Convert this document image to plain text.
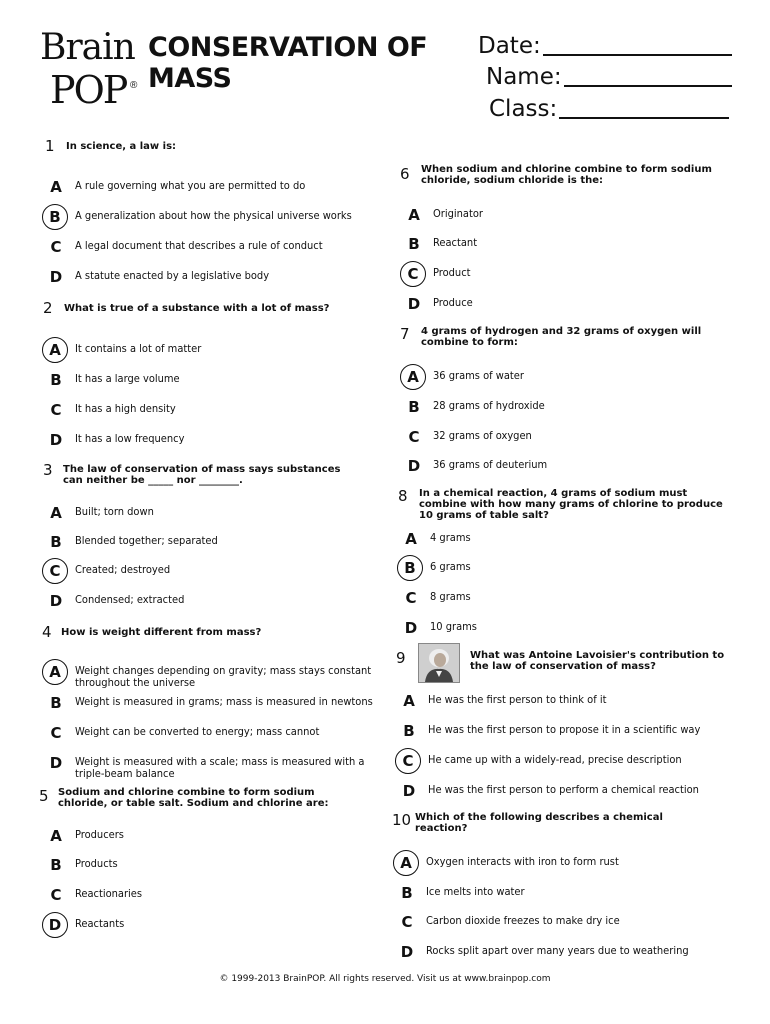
Brain
POP ®
CONSERVATION OF
MASS
Date:
Name:
Class:
1 In science, a law is:
A	A rule governing what you are permitted to do
B	A generalization about how the physical universe works
C	A legal document that describes a rule of conduct
D	A statute enacted by a legislative body
2 What is true of a substance with a lot of mass?
A	It contains a lot of matter
B	It has a large volume
C	It has a high density
D	It has a low frequency
3 The law of conservation of mass says substances can neither be _____ nor ________.
A	Built; torn down
B	Blended together; separated
C	Created; destroyed
D	Condensed; extracted
4 How is weight different from mass?
A	Weight changes depending on gravity; mass stays constant throughout the universe
B	Weight is measured in grams; mass is measured in newtons
C	Weight can be converted to energy; mass cannot
D	Weight is measured with a scale; mass is measured with a triple-beam balance
5 Sodium and chlorine combine to form sodium chloride, or table salt. Sodium and chlorine are:
A	Producers
B	Products
C	Reactionaries
D	Reactants
6 When sodium and chlorine combine to form sodium chloride, sodium chloride is the:
A	Originator
B	Reactant
C	Product
D	Produce
7 4 grams of hydrogen and 32 grams of oxygen will combine to form:
A	36 grams of water
B	28 grams of hydroxide
C	32 grams of oxygen
D	36 grams of deuterium
8 In a chemical reaction, 4 grams of sodium must combine with how many grams of chlorine to produce 10 grams of table salt?
A	4 grams
B	6 grams
C	8 grams
D	10 grams
9	What was Antoine Lavoisier's contribution to the law of conservation of mass?
A	He was the first person to think of it
B	He was the first person to propose it in a scientific way
C	He came up with a widely-read, precise description
D	He was the first person to perform a chemical reaction
10 Which of the following describes a chemical reaction?
A	Oxygen interacts with iron to form rust
B	Ice melts into water
C	Carbon dioxide freezes to make dry ice
D	Rocks split apart over many years due to weathering
© 1999-2013 BrainPOP. All rights reserved. Visit us at www.brainpop.com
